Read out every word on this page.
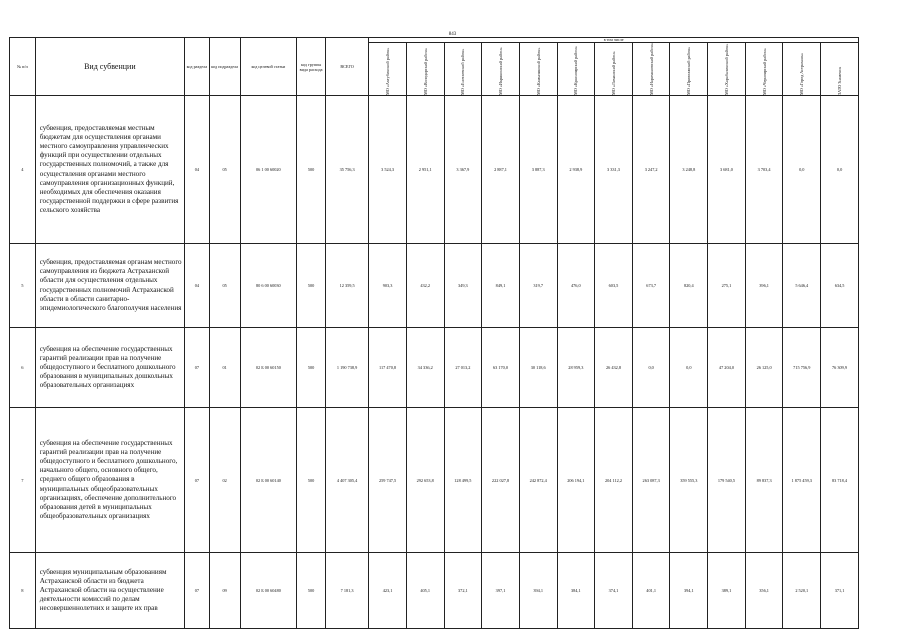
843
№ п/п	Вид субвенции	код раздела	код подраздела	код целевой статьи	код группы вида расхода	ВСЕГО	в том числе												

							МО «Ахтубинский район»	МО «Володарский район»	МО «Енотаевский район»	МО «Икрянинский район»	МО «Камызякский район»	МО «Красноярский район»	МО «Лиманский район»	МО «Наримановский район»	МО «Приволжский район»	МО «Харабалинский район»	МО «Черноярский район»	МО «Город Астрахань»	ЗАТО Знаменск

4	субвенция, предоставляемая местным бюджетам для осуществления органами местного самоуправления управленческих функций при осуществлении отдельных государственных полномочий, а также для осуществления органами местного самоуправления организационных функций, необходимых для обеспечения оказания государственной поддержки в сфере развития сельского хозяйства	04	05	06 1 00 60020	500	35 756,3	3 524,3	2 951,1	3 367,9	2 887,1	3 887,3	2 938,9	3 331,3	3 247,2	3 248,8	3 681,0	3 703,4	0,0	0,0
5	субвенция, предоставляемая органам местного самоуправления из бюджета Астраханской области для осуществления отдельных государственных полномочий Астраханской области в области санитарно-эпидемиологического благополучия населения	04	05	80 6 00 60030	500	12 359,5	903,3	432,2	349,3	849,1	319,7	476,0	603,5	673,7	820,4	275,1	396,1	5 646,4	634,5
6	субвенция на обеспечение государственных гарантий реализации прав на получение общедоступного и бесплатного дошкольного образования в муниципальных дошкольных образовательных организациях	07	01	02 Б 00 60150	500	1 190 738,9	117 470,8	34 336,2	27 013,2	63 170,0	30 118,6	28 959,3	26 432,8	0,0	0,0	47 204,0	26 125,0	715 756,9	76 309,9
7	субвенция на обеспечение государственных гарантий реализации прав на получение общедоступного и бесплатного дошкольного, начального общего, основного общего, среднего общего образования в муниципальных общеобразовательных организациях, обеспечение дополнительного образования детей в муниципальных общеобразовательных организациях	07	02	02 Б 00 60140	500	4 407 305,4	259 747,5	292 653,8	128 499,5	222 027,8	242 872,4	206 194,1	204 112,2	263 087,3	359 555,3	179 540,5	89 837,3	1 875 459,3	83 718,4
8	субвенция муниципальным образованиям Астраханской области из бюджета Астраханской области на осуществление деятельности комиссий по делам несовершеннолетних и защите их прав	07	09	02 Б 00 60480	500	7 181,3	423,1	405,1	372,1	397,1	394,1	384,1	374,1	401,1	394,1	389,1	356,1	2 520,1	371,1
